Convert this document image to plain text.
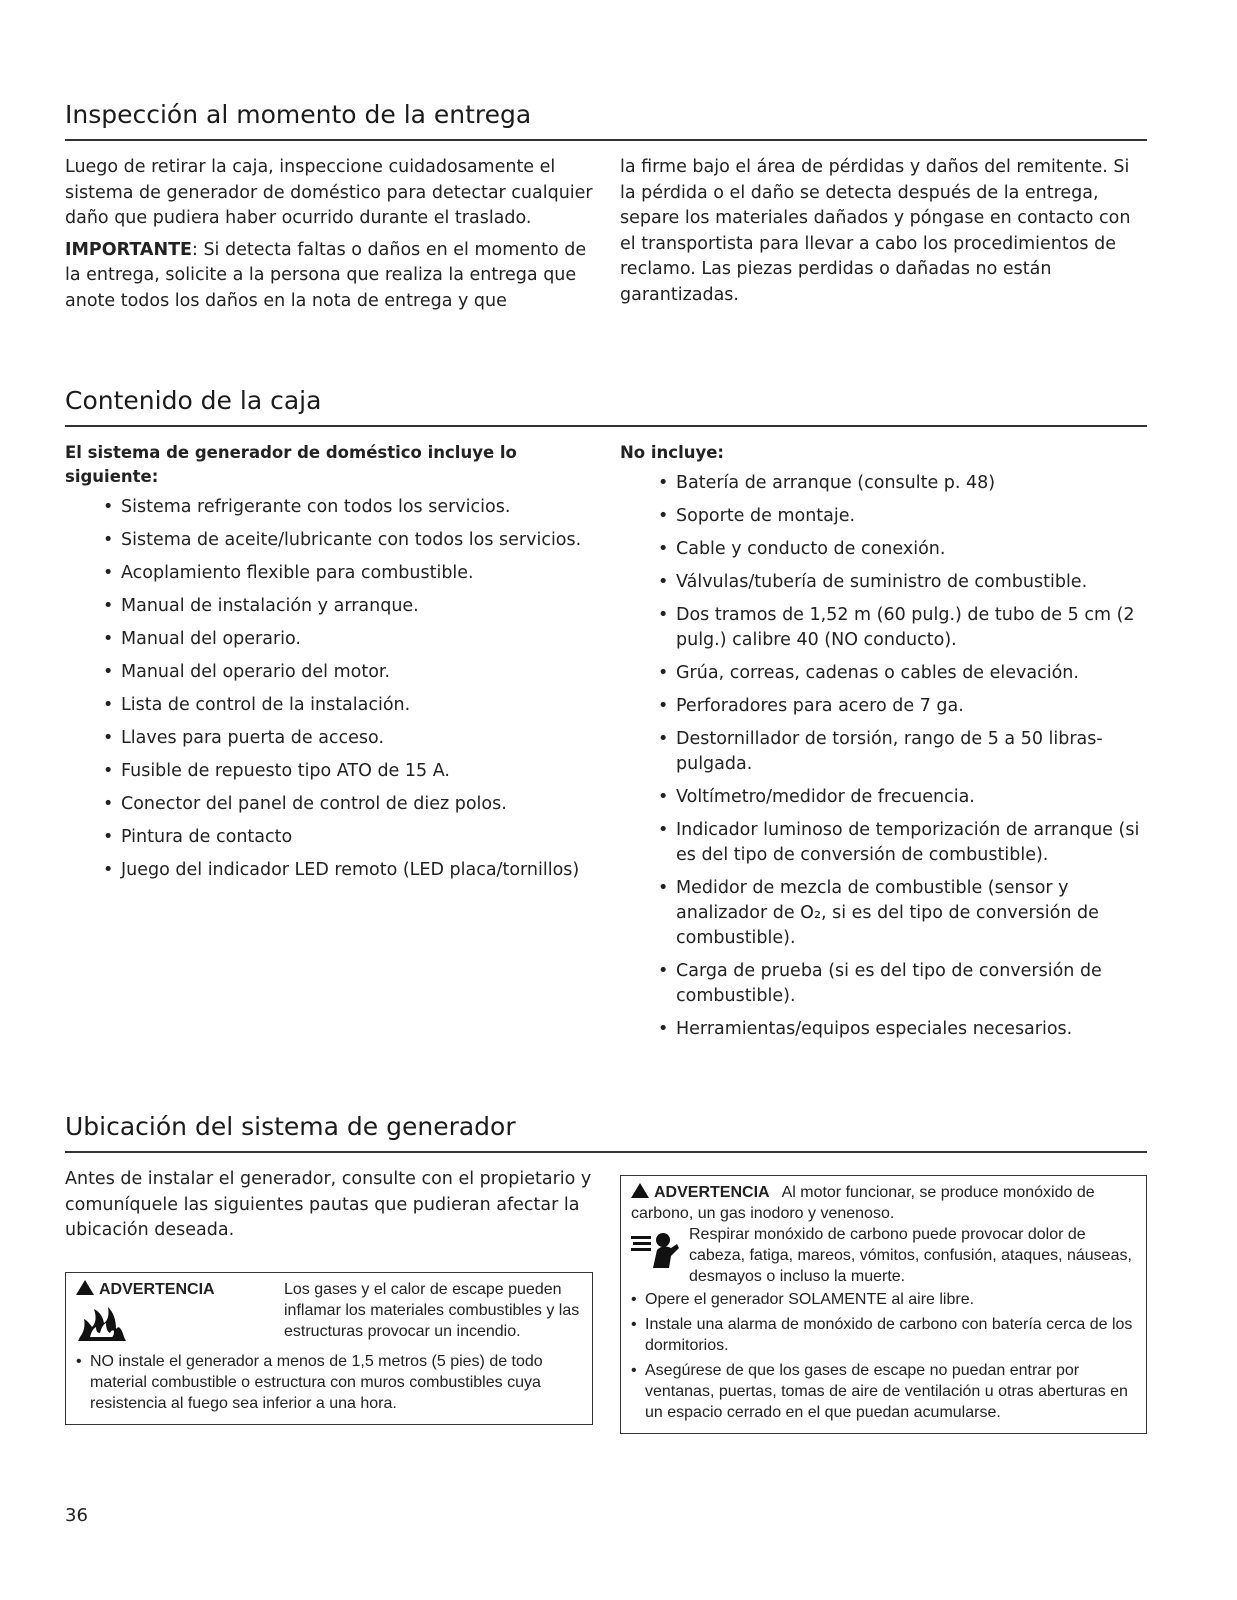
Inspección al momento de la entrega

Luego de retirar la caja, inspeccione cuidadosamente el sistema de generador de doméstico para detectar cualquier daño que pudiera haber ocurrido durante el traslado.

IMPORTANTE: Si detecta faltas o daños en el momento de la entrega, solicite a la persona que realiza la entrega que anote todos los daños en la nota de entrega y que

la firme bajo el área de pérdidas y daños del remitente. Si la pérdida o el daño se detecta después de la entrega, separe los materiales dañados y póngase en contacto con el transportista para llevar a cabo los procedimientos de reclamo. Las piezas perdidas o dañadas no están garantizadas.

Contenido de la caja
El sistema de generador de doméstico incluye lo siguiente:
• Sistema refrigerante con todos los servicios.
• Sistema de aceite/lubricante con todos los servicios.
• Acoplamiento flexible para combustible.
• Manual de instalación y arranque.
• Manual del operario.
• Manual del operario del motor.
• Lista de control de la instalación.
• Llaves para puerta de acceso.
• Fusible de repuesto tipo ATO de 15 A.
• Conector del panel de control de diez polos.
• Pintura de contacto
• Juego del indicador LED remoto (LED placa/tornillos)
No incluye:
• Batería de arranque (consulte p. 48)
• Soporte de montaje.
• Cable y conducto de conexión.
• Válvulas/tubería de suministro de combustible.
• Dos tramos de 1,52 m (60 pulg.) de tubo de 5 cm (2 pulg.) calibre 40 (NO conducto).
• Grúa, correas, cadenas o cables de elevación.
• Perforadores para acero de 7 ga.
• Destornillador de torsión, rango de 5 a 50 libras-pulgada.
• Voltímetro/medidor de frecuencia.
• Indicador luminoso de temporización de arranque (si es del tipo de conversión de combustible).
• Medidor de mezcla de combustible (sensor y analizador de O₂, si es del tipo de conversión de combustible).
• Carga de prueba (si es del tipo de conversión de combustible).
• Herramientas/equipos especiales necesarios.
Ubicación del sistema de generador

Antes de instalar el generador, consulte con el propietario y comuníquele las siguientes pautas que pudieran afectar la ubicación deseada.

ADVERTENCIA	Los gases y el calor de escape pueden inflamar los materiales combustibles y las estructuras provocar un incendio.
• NO instale el generador a menos de 1,5 metros (5 pies) de todo material combustible o estructura con muros combustibles cuya resistencia al fuego sea inferior a una hora.
ADVERTENCIA Al motor funcionar, se produce monóxido de carbono, un gas inodoro y venenoso.
Respirar monóxido de carbono puede provocar dolor de cabeza, fatiga, mareos, vómitos, confusión, ataques, náuseas, desmayos o incluso la muerte.
• Opere el generador SOLAMENTE al aire libre.
• Instale una alarma de monóxido de carbono con batería cerca de los dormitorios.
• Asegúrese de que los gases de escape no puedan entrar por ventanas, puertas, tomas de aire de ventilación u otras aberturas en un espacio cerrado en el que puedan acumularse.
36
